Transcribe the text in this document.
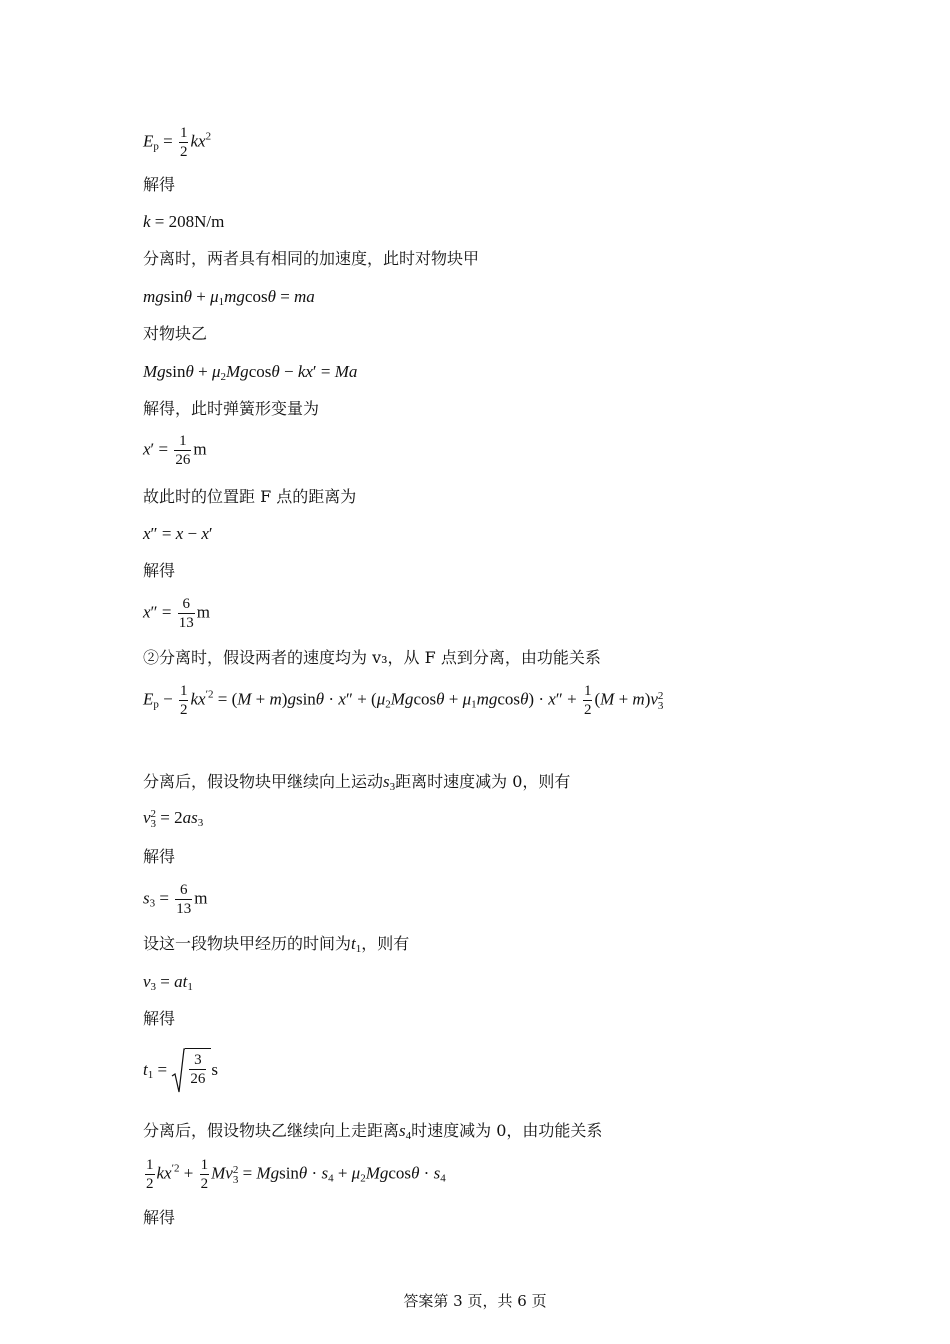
$E_p = \frac{1}{2} kx^2$
解得
k = 208N/m
分离时，两者具有相同的加速度，此时对物块甲
$mgsin\theta + \mu_1mgcos\theta$ = ma
对物块乙
$Mgsin\theta + \mu_2Mgcos\theta - kx' = Ma$
解得，此时弹簧形变量为
$x' = \frac{1}{26}$ m
故此时的位置距 F 点的距离为
x″ = x − x′
解得
$x'' = \frac{6}{13}$ m
②分离时，假设两者的速度均为 v₃，从 F 点到分离，由功能关系
$E_p - \frac{1}{2} kx^{'2} = (M + m)gsin\theta \cdot x'' + (\mu_2Mgcos\theta + \mu_1mgcos\theta) \cdot x'' + \frac{1}{2} (M + m)v$ 2
3
分离后，假设物块甲继续向上运动$s_3$距离时速度减为 0，则有
v 2
$3 = 2as_3$
解得
$s_3 = \frac{6}{13}$ m
设这一段物块甲经历的时间为$t_1$，则有
$v_3 = at_1$
解得
$t_1 = \frac{3}{26}$ s
分离后，假设物块乙继续向上走距离$s_4$时速度减为 0，由功能关系
$\frac{1}{2} kx^{'2} + \frac{1}{2}$ Mv 2
$3 = Mgsin\theta \cdot s_4 + \mu_2Mgcos\theta \cdot s_4$
解得
答案第 3 页，共 6 页
